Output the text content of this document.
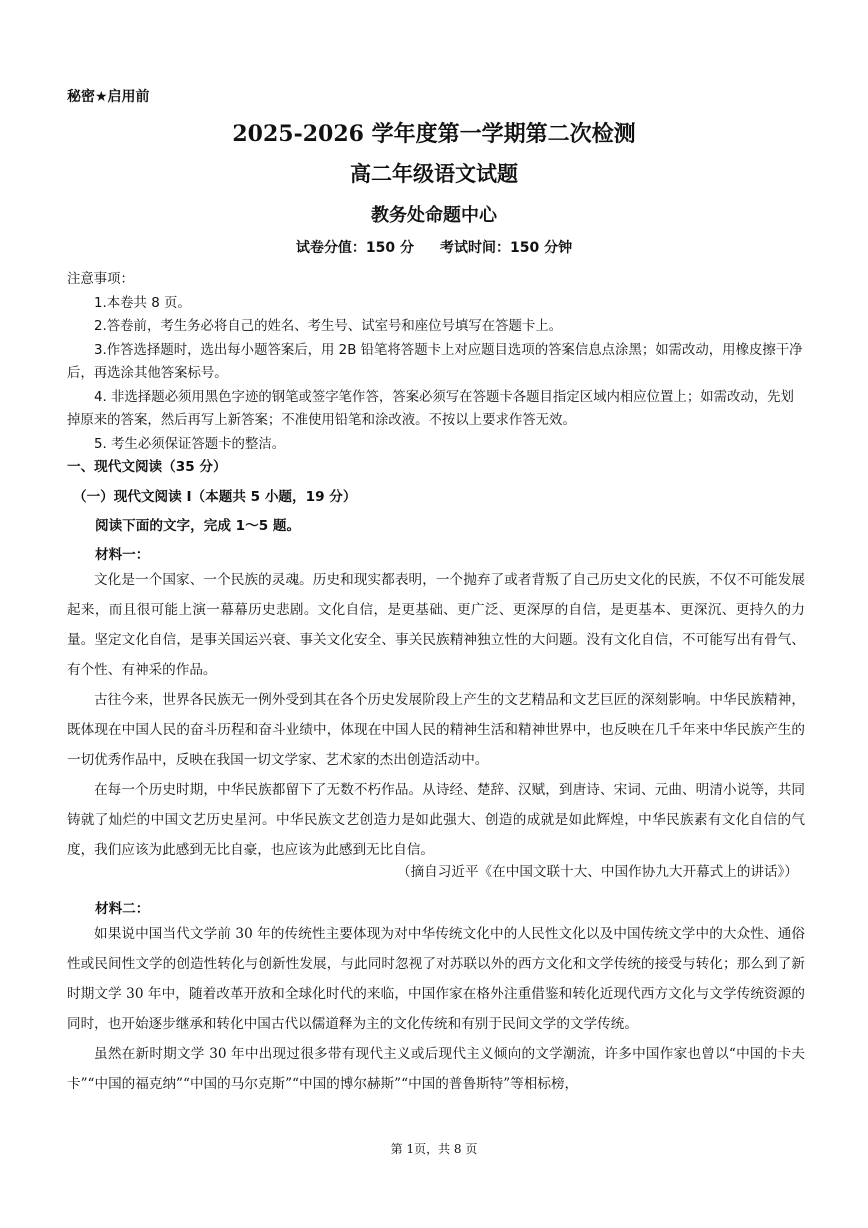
秘密★启用前
2025-2026 学年度第一学期第二次检测
高二年级语文试题
教务处命题中心
试卷分值：150 分 考试时间：150 分钟

注意事项：

1.本卷共 8 页。

2.答卷前，考生务必将自己的姓名、考生号、试室号和座位号填写在答题卡上。

3.作答选择题时，选出每小题答案后，用 2B 铅笔将答题卡上对应题目选项的答案信息点涂黑；如需改动，用橡皮擦干净后，再选涂其他答案标号。

4. 非选择题必须用黑色字迹的钢笔或签字笔作答，答案必须写在答题卡各题目指定区域内相应位置上；如需改动，先划掉原来的答案，然后再写上新答案；不准使用铅笔和涂改液。不按以上要求作答无效。

5. 考生必须保证答题卡的整洁。

一、现代文阅读（35 分）
（一）现代文阅读 I（本题共 5 小题，19 分）
阅读下面的文字，完成 1～5 题。
材料一：

文化是一个国家、一个民族的灵魂。历史和现实都表明，一个抛弃了或者背叛了自己历史文化的民族，不仅不可能发展起来，而且很可能上演一幕幕历史悲剧。文化自信，是更基础、更广泛、更深厚的自信，是更基本、更深沉、更持久的力量。坚定文化自信，是事关国运兴衰、事关文化安全、事关民族精神独立性的大问题。没有文化自信，不可能写出有骨气、有个性、有神采的作品。

古往今来，世界各民族无一例外受到其在各个历史发展阶段上产生的文艺精品和文艺巨匠的深刻影响。中华民族精神，既体现在中国人民的奋斗历程和奋斗业绩中，体现在中国人民的精神生活和精神世界中，也反映在几千年来中华民族产生的一切优秀作品中，反映在我国一切文学家、艺术家的杰出创造活动中。

在每一个历史时期，中华民族都留下了无数不朽作品。从诗经、楚辞、汉赋，到唐诗、宋词、元曲、明清小说等，共同铸就了灿烂的中国文艺历史星河。中华民族文艺创造力是如此强大、创造的成就是如此辉煌，中华民族素有文化自信的气度，我们应该为此感到无比自豪，也应该为此感到无比自信。

（摘自习近平《在中国文联十大、中国作协九大开幕式上的讲话》）
材料二：

如果说中国当代文学前 30 年的传统性主要体现为对中华传统文化中的人民性文化以及中国传统文学中的大众性、通俗性或民间性文学的创造性转化与创新性发展，与此同时忽视了对苏联以外的西方文化和文学传统的接受与转化；那么到了新时期文学 30 年中，随着改革开放和全球化时代的来临，中国作家在格外注重借鉴和转化近现代西方文化与文学传统资源的同时，也开始逐步继承和转化中国古代以儒道释为主的文化传统和有别于民间文学的文学传统。

虽然在新时期文学 30 年中出现过很多带有现代主义或后现代主义倾向的文学潮流，许多中国作家也曾以“中国的卡夫卡”“中国的福克纳”“中国的马尔克斯”“中国的博尔赫斯”“中国的普鲁斯特”等相标榜，

第 1页，共 8 页
